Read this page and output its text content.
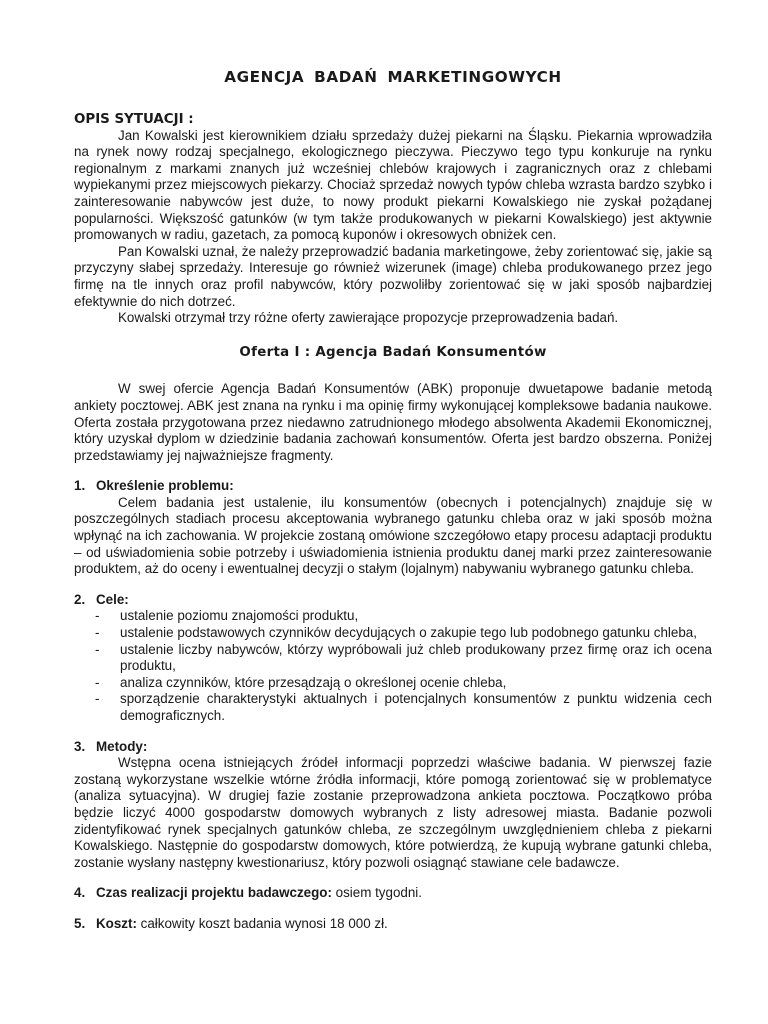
AGENCJA BADAŃ MARKETINGOWYCH
OPIS SYTUACJI :

Jan Kowalski jest kierownikiem działu sprzedaży dużej piekarni na Śląsku. Piekarnia wprowadziła na rynek nowy rodzaj specjalnego, ekologicznego pieczywa. Pieczywo tego typu konkuruje na rynku regionalnym z markami znanych już wcześniej chlebów krajowych i zagranicznych oraz z chlebami wypiekanymi przez miejscowych piekarzy. Chociaż sprzedaż nowych typów chleba wzrasta bardzo szybko i zainteresowanie nabywców jest duże, to nowy produkt piekarni Kowalskiego nie zyskał pożądanej popularności. Większość gatunków (w tym także produkowanych w piekarni Kowalskiego) jest aktywnie promowanych w radiu, gazetach, za pomocą kuponów i okresowych obniżek cen.

Pan Kowalski uznał, że należy przeprowadzić badania marketingowe, żeby zorientować się, jakie są przyczyny słabej sprzedaży. Interesuje go również wizerunek (image) chleba produkowanego przez jego firmę na tle innych oraz profil nabywców, który pozwoliłby zorientować się w jaki sposób najbardziej efektywnie do nich dotrzeć.

Kowalski otrzymał trzy różne oferty zawierające propozycje przeprowadzenia badań.

Oferta I : Agencja Badań Konsumentów

W swej ofercie Agencja Badań Konsumentów (ABK) proponuje dwuetapowe badanie metodą ankiety pocztowej. ABK jest znana na rynku i ma opinię firmy wykonującej kompleksowe badania naukowe. Oferta została przygotowana przez niedawno zatrudnionego młodego absolwenta Akademii Ekonomicznej, który uzyskał dyplom w dziedzinie badania zachowań konsumentów. Oferta jest bardzo obszerna. Poniżej przedstawiamy jej najważniejsze fragmenty.

1. Określenie problemu:

Celem badania jest ustalenie, ilu konsumentów (obecnych i potencjalnych) znajduje się w poszczególnych stadiach procesu akceptowania wybranego gatunku chleba oraz w jaki sposób można wpłynąć na ich zachowania. W projekcie zostaną omówione szczegółowo etapy procesu adaptacji produktu – od uświadomienia sobie potrzeby i uświadomienia istnienia produktu danej marki przez zainteresowanie produktem, aż do oceny i ewentualnej decyzji o stałym (lojalnym) nabywaniu wybranego gatunku chleba.

2. Cele:
- ustalenie poziomu znajomości produktu,
- ustalenie podstawowych czynników decydujących o zakupie tego lub podobnego gatunku chleba,
- ustalenie liczby nabywców, którzy wypróbowali już chleb produkowany przez firmę oraz ich ocena produktu,
- analiza czynników, które przesądzają o określonej ocenie chleba,
- sporządzenie charakterystyki aktualnych i potencjalnych konsumentów z punktu widzenia cech demograficznych.
3. Metody:

Wstępna ocena istniejących źródeł informacji poprzedzi właściwe badania. W pierwszej fazie zostaną wykorzystane wszelkie wtórne źródła informacji, które pomogą zorientować się w problematyce (analiza sytuacyjna). W drugiej fazie zostanie przeprowadzona ankieta pocztowa. Początkowo próba będzie liczyć 4000 gospodarstw domowych wybranych z listy adresowej miasta. Badanie pozwoli zidentyfikować rynek specjalnych gatunków chleba, ze szczególnym uwzględnieniem chleba z piekarni Kowalskiego. Następnie do gospodarstw domowych, które potwierdzą, że kupują wybrane gatunki chleba, zostanie wysłany następny kwestionariusz, który pozwoli osiągnąć stawiane cele badawcze.

4. Czas realizacji projektu badawczego: osiem tygodni.
5. Koszt: całkowity koszt badania wynosi 18 000 zł.
